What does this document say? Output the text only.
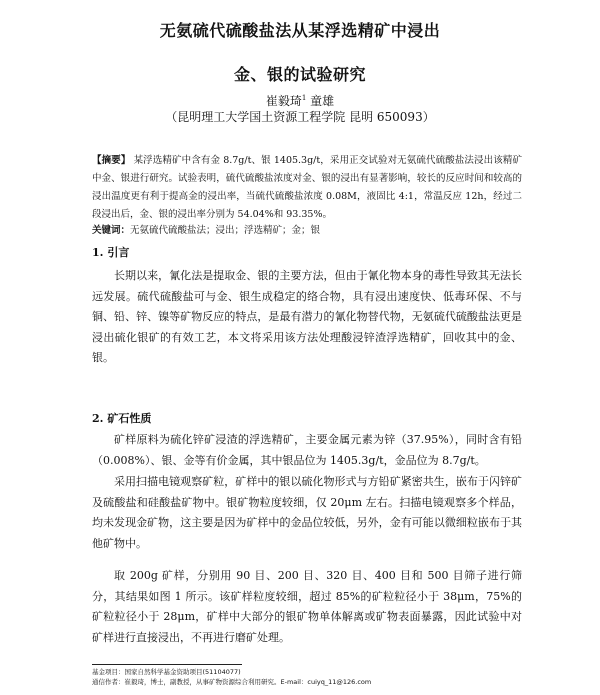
无氨硫代硫酸盐法从某浮选精矿中浸出
金、银的试验研究
崔毅琦$^1$ 童雄
（昆明理工大学国土资源工程学院 昆明 650093）
【摘要】 某浮选精矿中含有金 8.7g/t、银 1405.3g/t，采用正交试验对无氨硫代硫酸盐法浸出该精矿中金、银进行研究。试验表明，硫代硫酸盐浓度对金、银的浸出有显著影响，较长的反应时间和较高的浸出温度更有利于提高金的浸出率，当硫代硫酸盐浓度 0.08M，液固比 4:1，常温反应 12h，经过二段浸出后，金、银的浸出率分别为 54.04%和 93.35%。
关键词：无氨硫代硫酸盐法；浸出；浮选精矿；金；银
1. 引言
长期以来，氰化法是提取金、银的主要方法，但由于氰化物本身的毒性导致其无法长远发展。硫代硫酸盐可与金、银生成稳定的络合物，具有浸出速度快、低毒环保、不与铜、铅、锌、镍等矿物反应的特点，是最有潜力的氰化物替代物，无氨硫代硫酸盐法更是浸出硫化银矿的有效工艺，本文将采用该方法处理酸浸锌渣浮选精矿，回收其中的金、银。
2. 矿石性质
矿样原料为硫化锌矿浸渣的浮选精矿，主要金属元素为锌（37.95%），同时含有铅（0.008%）、银、金等有价金属，其中银品位为 1405.3g/t，金品位为 8.7g/t。
采用扫描电镜观察矿粒，矿样中的银以硫化物形式与方铅矿紧密共生，嵌布于闪锌矿及硫酸盐和硅酸盐矿物中。银矿物粒度较细，仅 20μm 左右。扫描电镜观察多个样品，均未发现金矿物，这主要是因为矿样中的金品位较低，另外，金有可能以微细粒嵌布于其他矿物中。
取 200g 矿样，分别用 90 目、200 目、320 目、400 目和 500 目筛子进行筛分，其结果如图 1 所示。该矿样粒度较细，超过 85%的矿粒粒径小于 38μm，75%的矿粒粒径小于 28μm，矿样中大部分的银矿物单体解离或矿物表面暴露，因此试验中对矿样进行直接浸出，不再进行磨矿处理。
基金项目：国家自然科学基金资助项目(51104077)
通信作者：崔毅琦，博士，副教授，从事矿物资源综合利用研究。E-mail：cuiyq_11@126.com
